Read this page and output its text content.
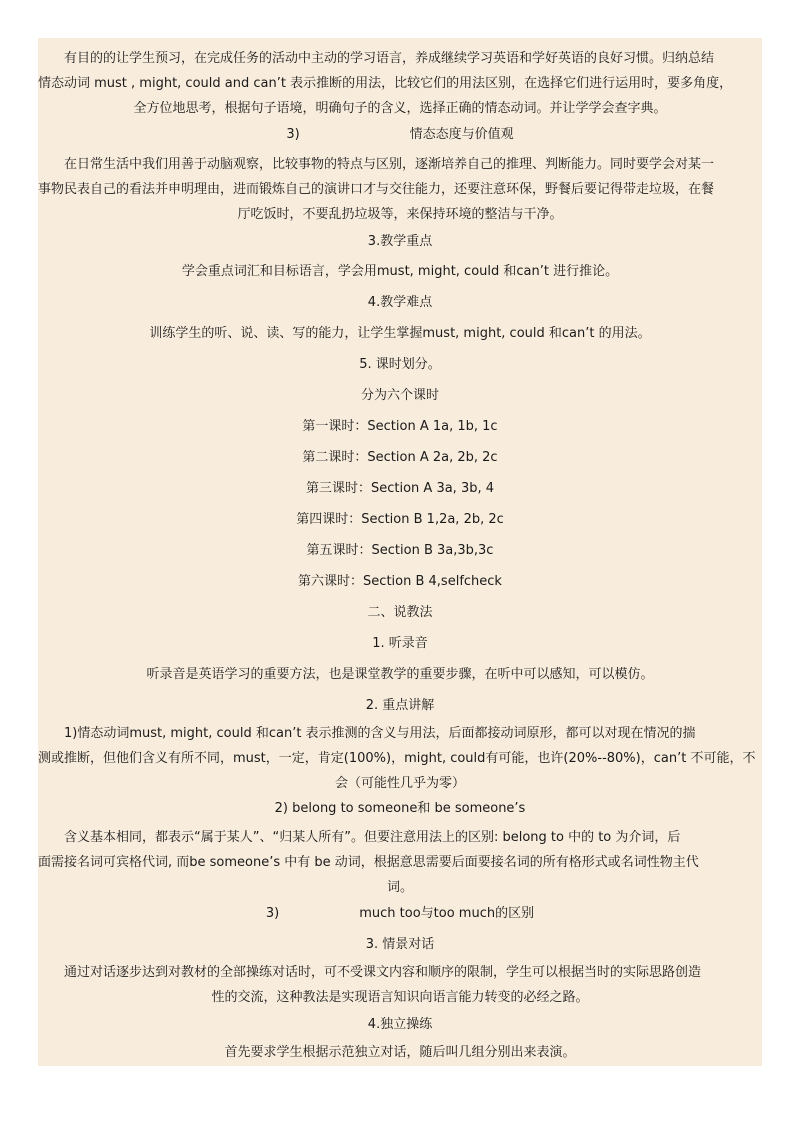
有目的的让学生预习，在完成任务的活动中主动的学习语言，养成继续学习英语和学好英语的良好习惯。归纳总结
情态动词 must , might, could and can’t 表示推断的用法，比较它们的用法区别，在选择它们进行运用时，要多角度，
全方位地思考，根据句子语境，明确句子的含义，选择正确的情态动词。并让学学会查字典。
3)	情态态度与价值观
在日常生活中我们用善于动脑观察，比较事物的特点与区别，逐渐培养自己的推理、判断能力。同时要学会对某一
事物民表自己的看法并申明理由，进而锻炼自己的演讲口才与交往能力，还要注意环保，野餐后要记得带走垃圾，在餐
厅吃饭时，不要乱扔垃圾等，来保持环境的整洁与干净。
3.教学重点
学会重点词汇和目标语言，学会用must, might, could 和can’t 进行推论。
4.教学难点
训练学生的听、说、读、写的能力，让学生掌握must, might, could 和can’t 的用法。
5. 课时划分。
分为六个课时
第一课时：Section A 1a, 1b, 1c
第二课时：Section A 2a, 2b, 2c
第三课时：Section A 3a, 3b, 4
第四课时：Section B 1,2a, 2b, 2c
第五课时：Section B 3a,3b,3c
第六课时：Section B 4,selfcheck
二、说教法
1. 听录音
听录音是英语学习的重要方法，也是课堂教学的重要步骤，在听中可以感知，可以模仿。
2. 重点讲解
1)情态动词must, might, could 和can’t 表示推测的含义与用法，后面都接动词原形，都可以对现在情况的揣
测或推断，但他们含义有所不同，must，一定，肯定(100%)，might, could有可能，也许(20%--80%)，can’t 不可能，不
会（可能性几乎为零）
2) belong to someone和 be someone’s
含义基本相同，都表示“属于某人”、“归某人所有”。但要注意用法上的区别: belong to 中的 to 为介词，后
面需接名词可宾格代词, 而be someone’s 中有 be 动词，根据意思需要后面要接名词的所有格形式或名词性物主代
词。
3)	much too与too much的区别
3. 情景对话
通过对话逐步达到对教材的全部操练对话时，可不受课文内容和顺序的限制，学生可以根据当时的实际思路创造
性的交流，这种教法是实现语言知识向语言能力转变的必经之路。
4.独立操练
首先要求学生根据示范独立对话，随后叫几组分别出来表演。
